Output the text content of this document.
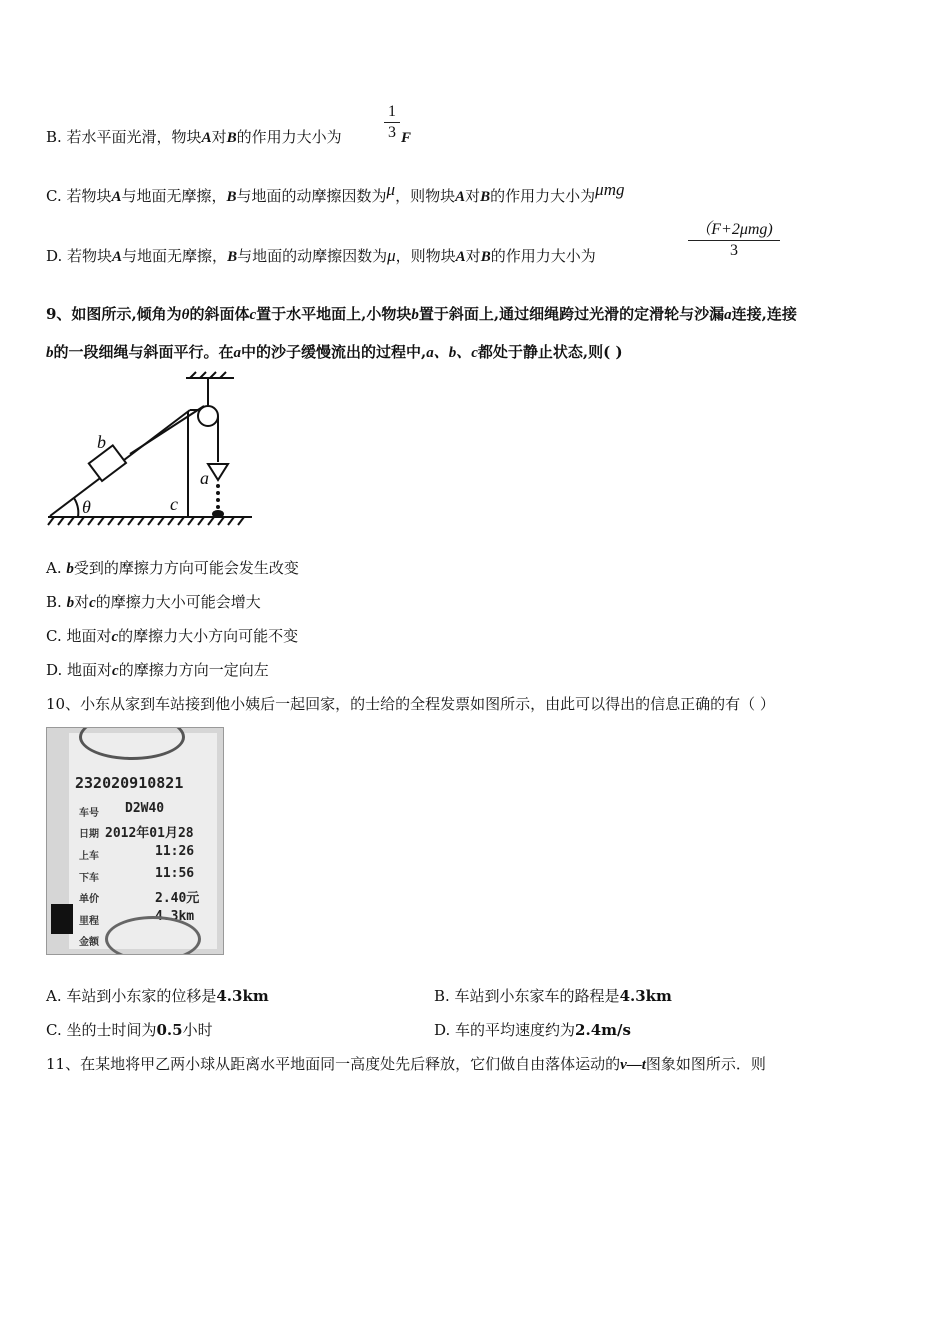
B. 若水平面光滑，物块A对B的作用力大小为	$\frac{1}{3}$ F
C. 若物块A与地面无摩擦，B与地面的动摩擦因数为μ，则物块A对B的作用力大小为μmg
D. 若物块A与地面无摩擦，B与地面的动摩擦因数为μ，则物块A对B的作用力大小为
（F+2μmg)
3
9、如图所示,倾角为θ的斜面体c置于水平地面上,小物块b置于斜面上,通过细绳跨过光滑的定滑轮与沙漏a连接,连接
b的一段细绳与斜面平行。在a中的沙子缓慢流出的过程中,a、b、c都处于静止状态,则( )
b
a
θ	c
A. b受到的摩擦力方向可能会发生改变
B. b对c的摩擦力大小可能会增大
C. 地面对c的摩擦力大小方向可能不变
D. 地面对c的摩擦力方向一定向左
10、小东从家到车站接到他小姨后一起回家，的士给的全程发票如图所示，由此可以得出的信息正确的有（ ）
232020910821
车号 D2W40
日期 2012年01月28
上车	11:26
下车	11:56
单价	2.40元
里程	4.3km
金额
A. 车站到小东家的位移是4.3km	B. 车站到小东家车的路程是4.3km
C. 坐的士时间为0.5小时	D. 车的平均速度约为2.4m/s
11、在某地将甲乙两小球从距离水平地面同一高度处先后释放，它们做自由落体运动的v—t图象如图所示．则
